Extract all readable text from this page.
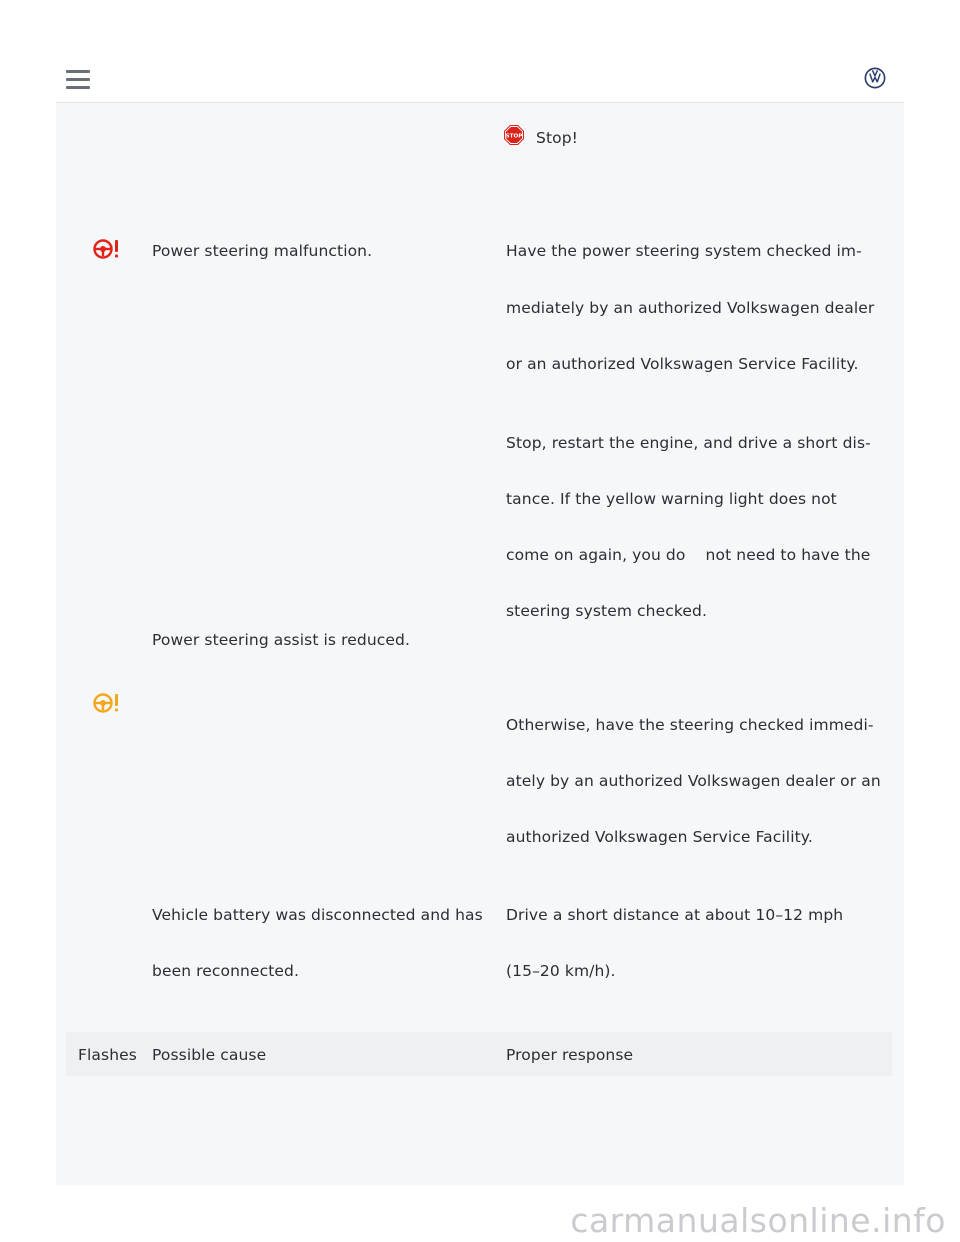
STOP Stop!
Power steering malfunction.	Have the power steering system checked im-
mediately by an authorized Volkswagen dealer
or an authorized Volkswagen Service Facility.
Stop, restart the engine, and drive a short dis-
tance. If the yellow warning light does not
come on again, you do    not need to have the
steering system checked.
Power steering assist is reduced.
Otherwise, have the steering checked immedi-
ately by an authorized Volkswagen dealer or an
authorized Volkswagen Service Facility.
Vehicle battery was disconnected and has
been reconnected.
Drive a short distance at about 10–12 mph
(15–20 km/h).
Flashes Possible cause	Proper response
carmanualsonline.info
